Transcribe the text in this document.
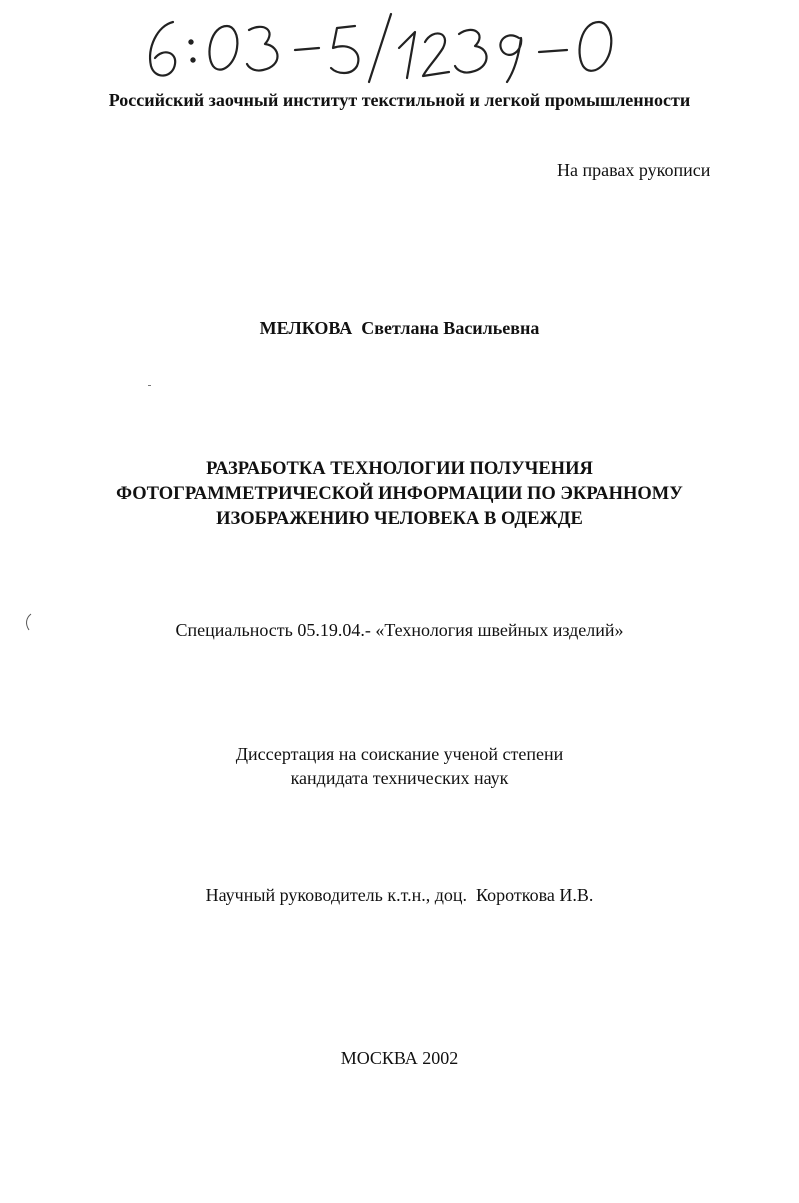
Российский заочный институт текстильной и легкой промышленности

На правах рукописи

МЕЛКОВА  Светлана Васильевна

РАЗРАБОТКА ТЕХНОЛОГИИ ПОЛУЧЕНИЯ
ФОТОГРАММЕТРИЧЕСКОЙ ИНФОРМАЦИИ ПО ЭКРАННОМУ
ИЗОБРАЖЕНИЮ ЧЕЛОВЕКА В ОДЕЖДЕ

Специальность 05.19.04.- «Технология швейных изделий»

Диссертация на соискание ученой степени
кандидата технических наук

Научный руководитель к.т.н., доц.  Короткова И.В.

МОСКВА 2002
